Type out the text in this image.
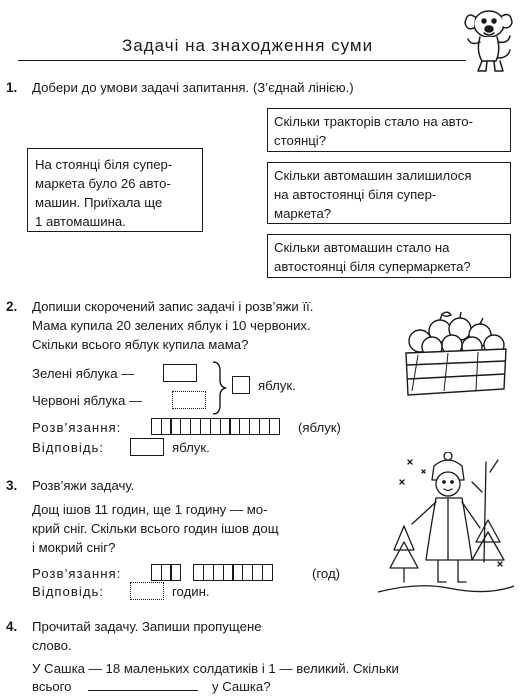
Задачі на знаходження суми
1. Добери до умови задачі запитання. (З’єднай лінією.)
На стоянці біля супер-
маркета було 26 авто-
машин. Приїхала ще
1 автомашина.
Скільки тракторів стало на авто-
стоянці?
Скільки автомашин залишилося
на автостоянці біля супер-
маркета?
Скільки автомашин стало на
автостоянці біля супермаркета?
2. Допиши скорочений запис задачі і розв’яжи її.
Мама купила 20 зелених яблук і 10 червоних.
Скільки всього яблук купила мама?
Зелені яблука —
Червоні яблука —
яблук.
Розв’язання:	(яблук)
Відповідь:	яблук.
3. Розв’яжи задачу.
Дощ ішов 11 годин, ще 1 годину — мо-
крий сніг. Скільки всього годин ішов дощ
і мокрий сніг?
Розв’язання:	(год)
Відповідь:	годин.
4. Прочитай задачу. Запиши пропущене
слово.
У Сашка — 18 маленьких солдатиків і 1 — великий. Скільки
всього	у Сашка?
